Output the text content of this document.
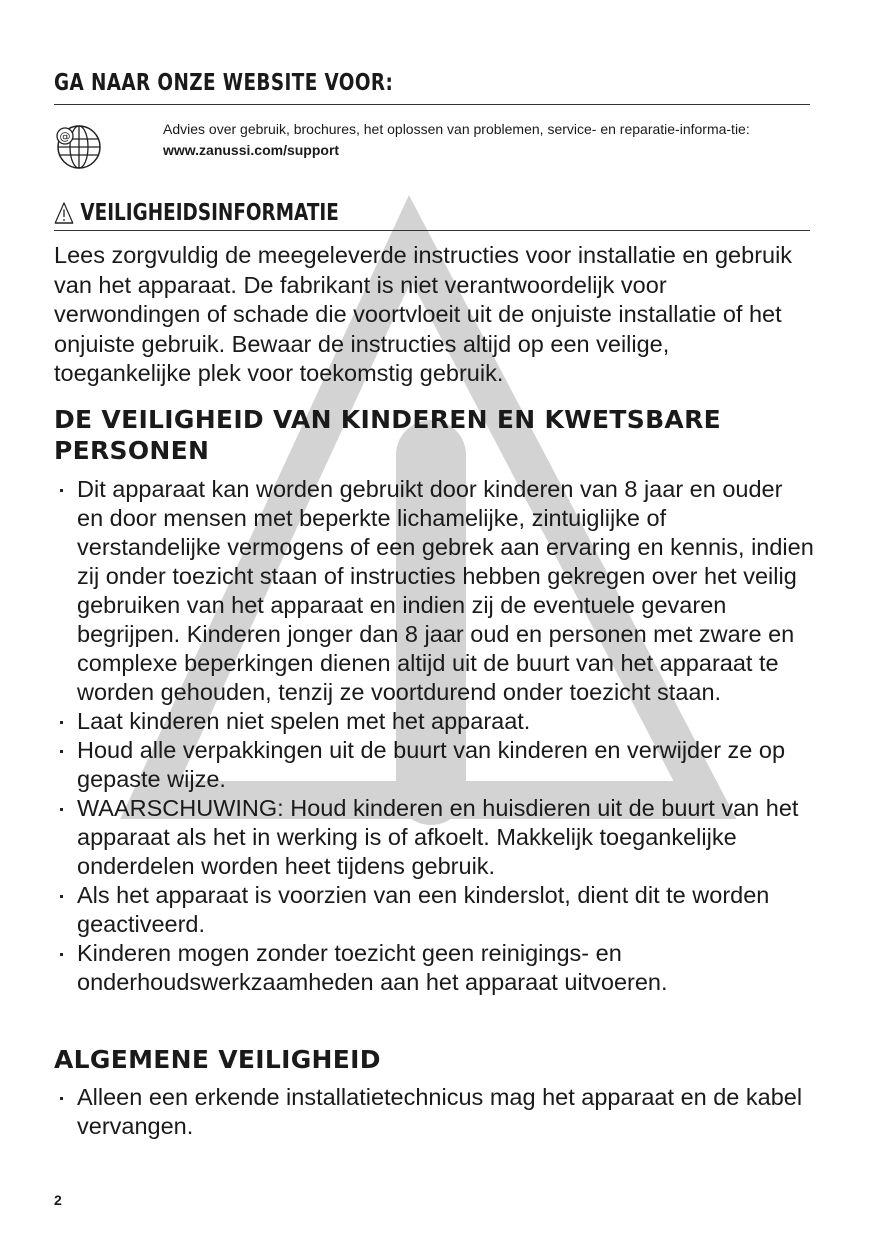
GA NAAR ONZE WEBSITE VOOR:
@	Advies over gebruik, brochures, het oplossen van problemen, service- en reparatie-informa-tie:
www.zanussi.com/support

VEILIGHEIDSINFORMATIE

Lees zorgvuldig de meegeleverde instructies voor installatie en gebruik van het apparaat. De fabrikant is niet verantwoordelijk voor verwondingen of schade die voortvloeit uit de onjuiste installatie of het onjuiste gebruik. Bewaar de instructies altijd op een veilige, toegankelijke plek voor toekomstig gebruik.

DE VEILIGHEID VAN KINDEREN EN KWETSBARE PERSONEN
Dit apparaat kan worden gebruikt door kinderen van 8 jaar en ouder en door mensen met beperkte lichamelijke, zintuiglijke of verstandelijke vermogens of een gebrek aan ervaring en kennis, indien zij onder toezicht staan of instructies hebben gekregen over het veilig gebruiken van het apparaat en indien zij de eventuele gevaren begrijpen. Kinderen jonger dan 8 jaar oud en personen met zware en complexe beperkingen dienen altijd uit de buurt van het apparaat te worden gehouden, tenzij ze voortdurend onder toezicht staan.
Laat kinderen niet spelen met het apparaat.
Houd alle verpakkingen uit de buurt van kinderen en verwijder ze op gepaste wijze.
WAARSCHUWING: Houd kinderen en huisdieren uit de buurt van het apparaat als het in werking is of afkoelt. Makkelijk toegankelijke onderdelen worden heet tijdens gebruik.
Als het apparaat is voorzien van een kinderslot, dient dit te worden geactiveerd.
Kinderen mogen zonder toezicht geen reinigings- en onderhoudswerkzaamheden aan het apparaat uitvoeren.
ALGEMENE VEILIGHEID
Alleen een erkende installatietechnicus mag het apparaat en de kabel vervangen.

2
